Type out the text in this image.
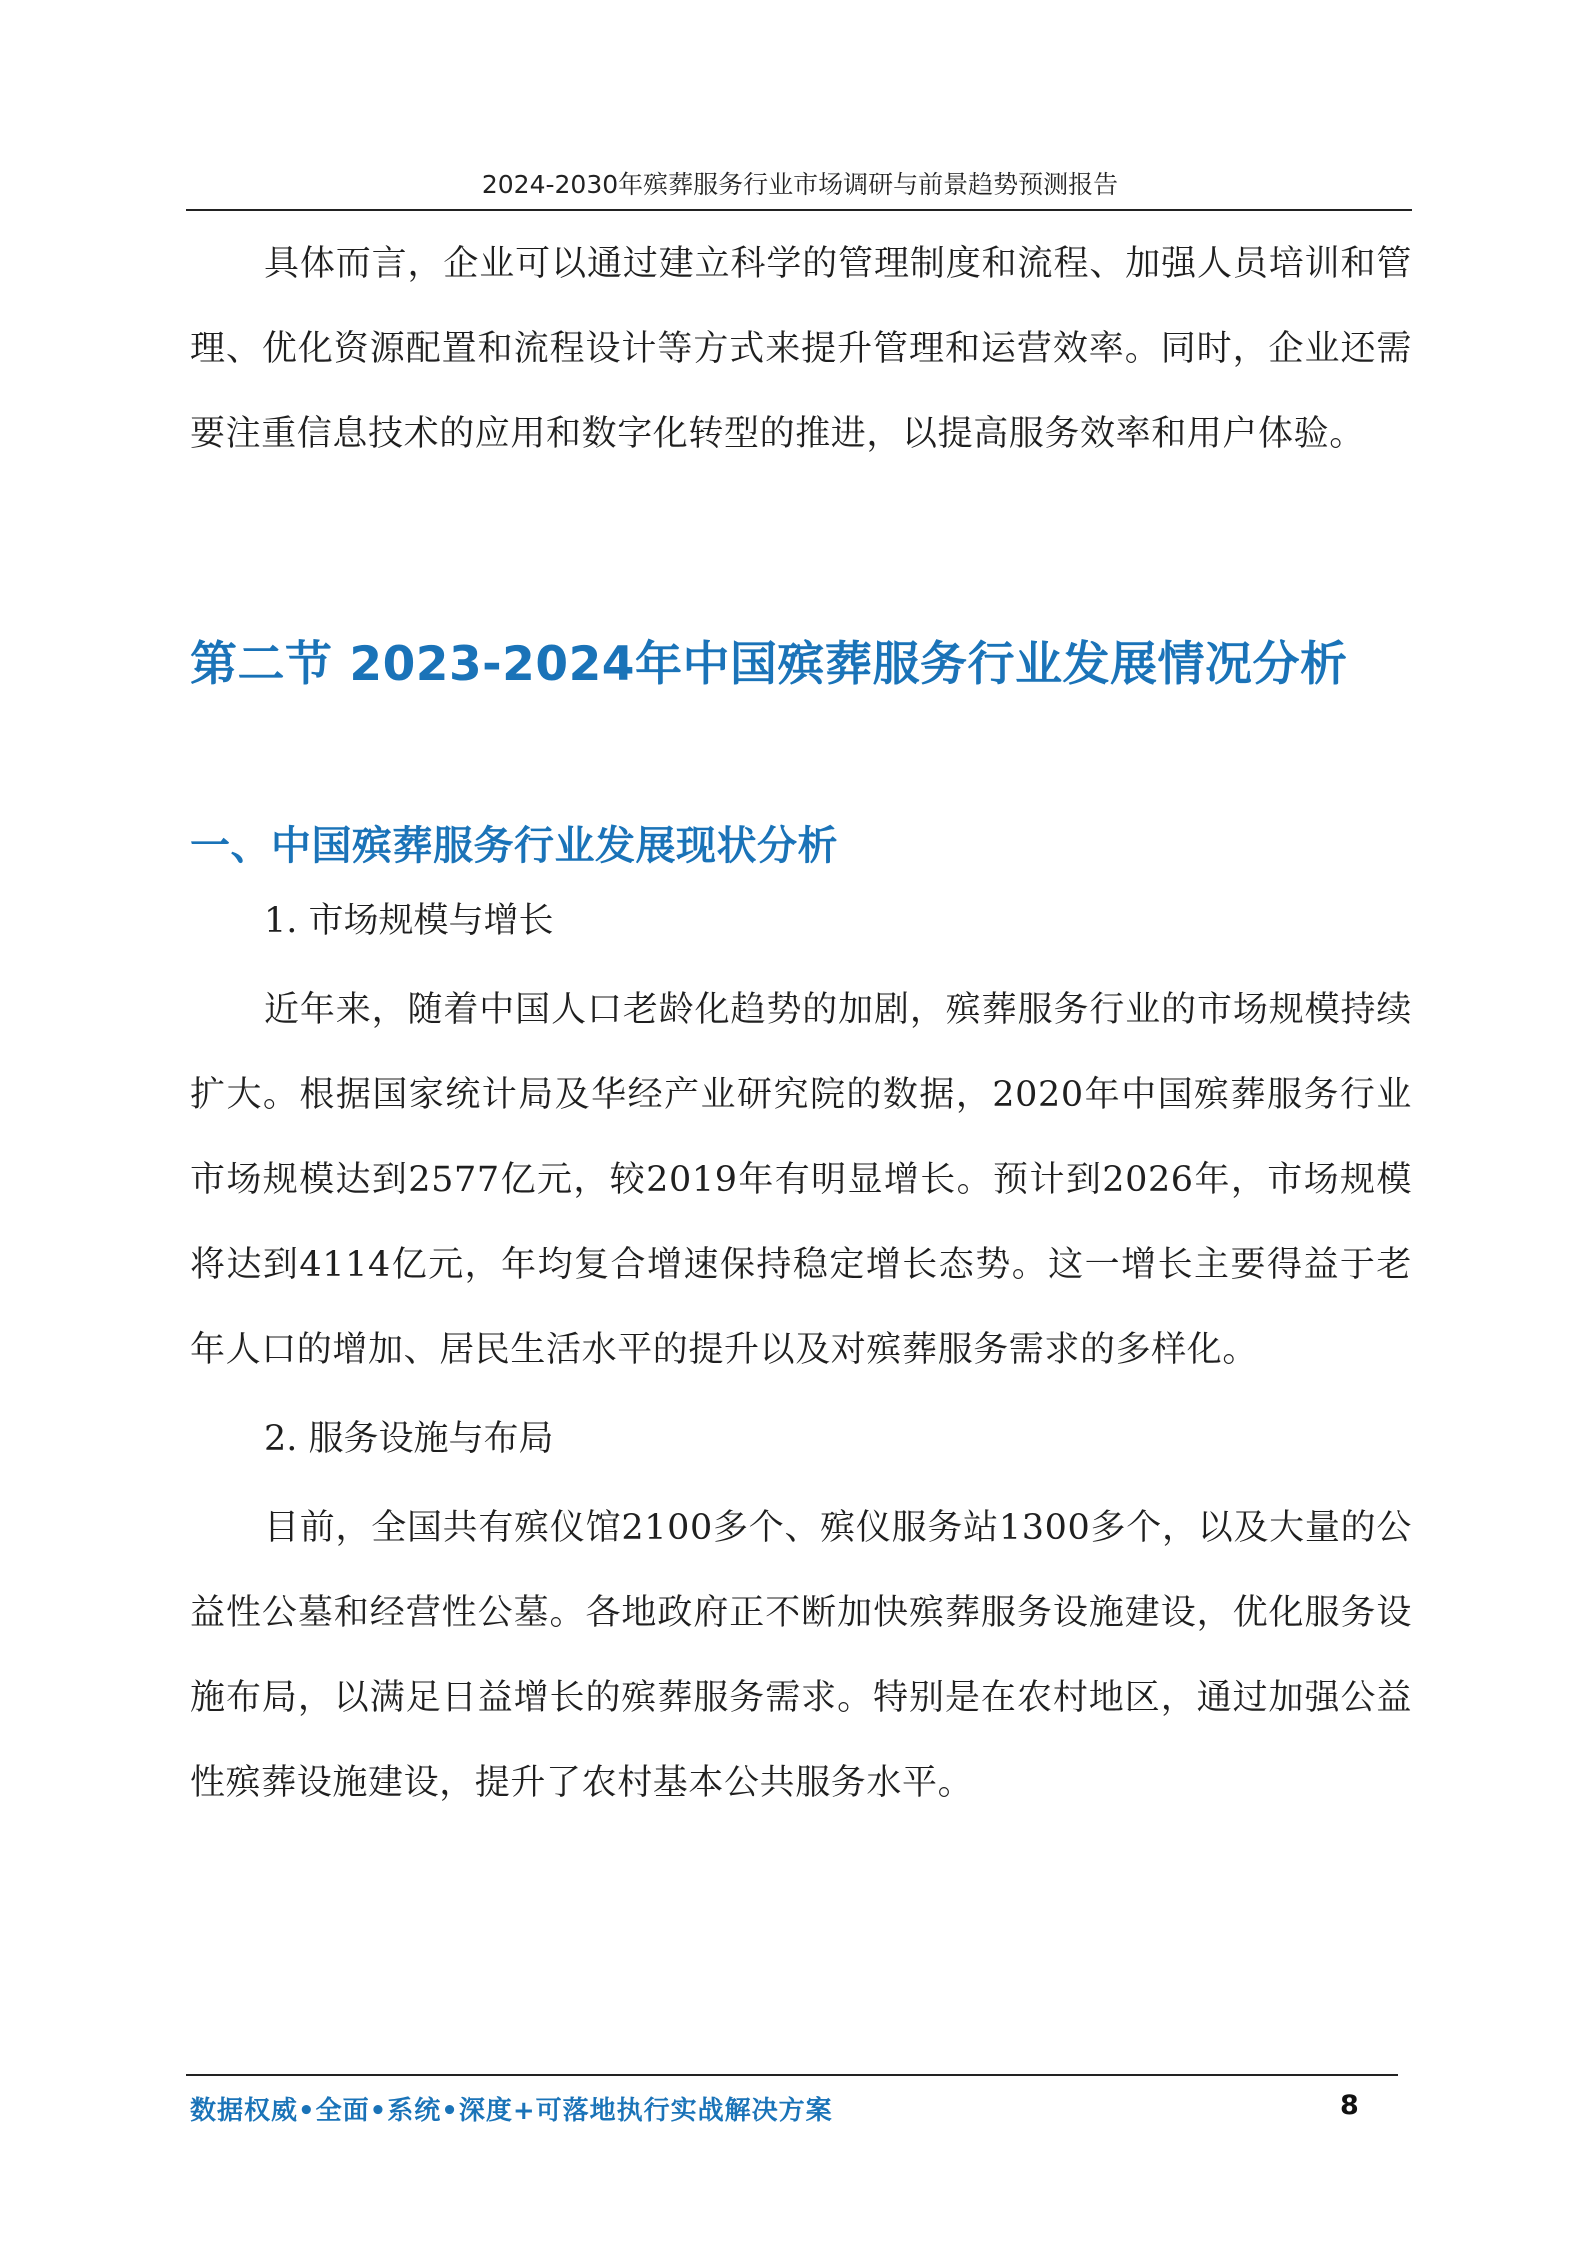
2024-2030年殡葬服务行业市场调研与前景趋势预测报告

具体而言，企业可以通过建立科学的管理制度和流程、加强人员培训和管理、优化资源配置和流程设计等方式来提升管理和运营效率。同时，企业还需要注重信息技术的应用和数字化转型的推进，以提高服务效率和用户体验。

第二节 2023-2024年中国殡葬服务行业发展情况分析
一、中国殡葬服务行业发展现状分析

1. 市场规模与增长

近年来，随着中国人口老龄化趋势的加剧，殡葬服务行业的市场规模持续扩大。根据国家统计局及华经产业研究院的数据，2020年中国殡葬服务行业市场规模达到2577亿元，较2019年有明显增长。预计到2026年，市场规模将达到4114亿元，年均复合增速保持稳定增长态势。这一增长主要得益于老年人口的增加、居民生活水平的提升以及对殡葬服务需求的多样化。

2. 服务设施与布局

目前，全国共有殡仪馆2100多个、殡仪服务站1300多个，以及大量的公益性公墓和经营性公墓。各地政府正不断加快殡葬服务设施建设，优化服务设施布局，以满足日益增长的殡葬服务需求。特别是在农村地区，通过加强公益性殡葬设施建设，提升了农村基本公共服务水平。

数据权威•全面•系统•深度+可落地执行实战解决方案	8
